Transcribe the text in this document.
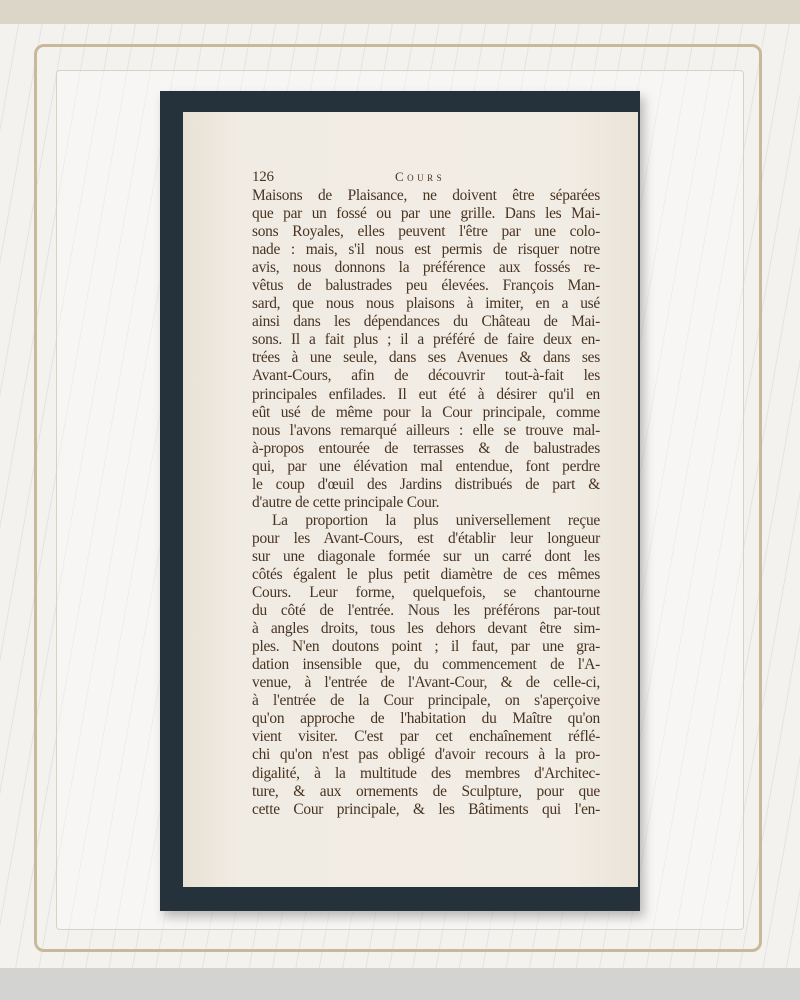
126	Cours
Maisons de Plaisance, ne doivent être séparées
que par un fossé ou par une grille. Dans les Mai-
sons Royales, elles peuvent l'être par une colo-
nade : mais, s'il nous est permis de risquer notre
avis, nous donnons la préférence aux fossés re-
vêtus de balustrades peu élevées. François Man-
sard, que nous nous plaisons à imiter, en a usé
ainsi dans les dépendances du Château de Mai-
sons. Il a fait plus ; il a préféré de faire deux en-
trées à une seule, dans ses Avenues & dans ses
Avant-Cours, afin de découvrir tout-à-fait les
principales enfilades. Il eut été à désirer qu'il en
eût usé de même pour la Cour principale, comme
nous l'avons remarqué ailleurs : elle se trouve mal-
à-propos entourée de terrasses & de balustrades
qui, par une élévation mal entendue, font perdre
le coup d'œuil des Jardins distribués de part &
d'autre de cette principale Cour.
La proportion la plus universellement reçue
pour les Avant-Cours, est d'établir leur longueur
sur une diagonale formée sur un carré dont les
côtés égalent le plus petit diamètre de ces mêmes
Cours. Leur forme, quelquefois, se chantourne
du côté de l'entrée. Nous les préférons par-tout
à angles droits, tous les dehors devant être sim-
ples. N'en doutons point ; il faut, par une gra-
dation insensible que, du commencement de l'A-
venue, à l'entrée de l'Avant-Cour, & de celle-ci,
à l'entrée de la Cour principale, on s'aperçoive
qu'on approche de l'habitation du Maître qu'on
vient visiter. C'est par cet enchaînement réflé-
chi qu'on n'est pas obligé d'avoir recours à la pro-
digalité, à la multitude des membres d'Architec-
ture, & aux ornements de Sculpture, pour que
cette Cour principale, & les Bâtiments qui l'en-
